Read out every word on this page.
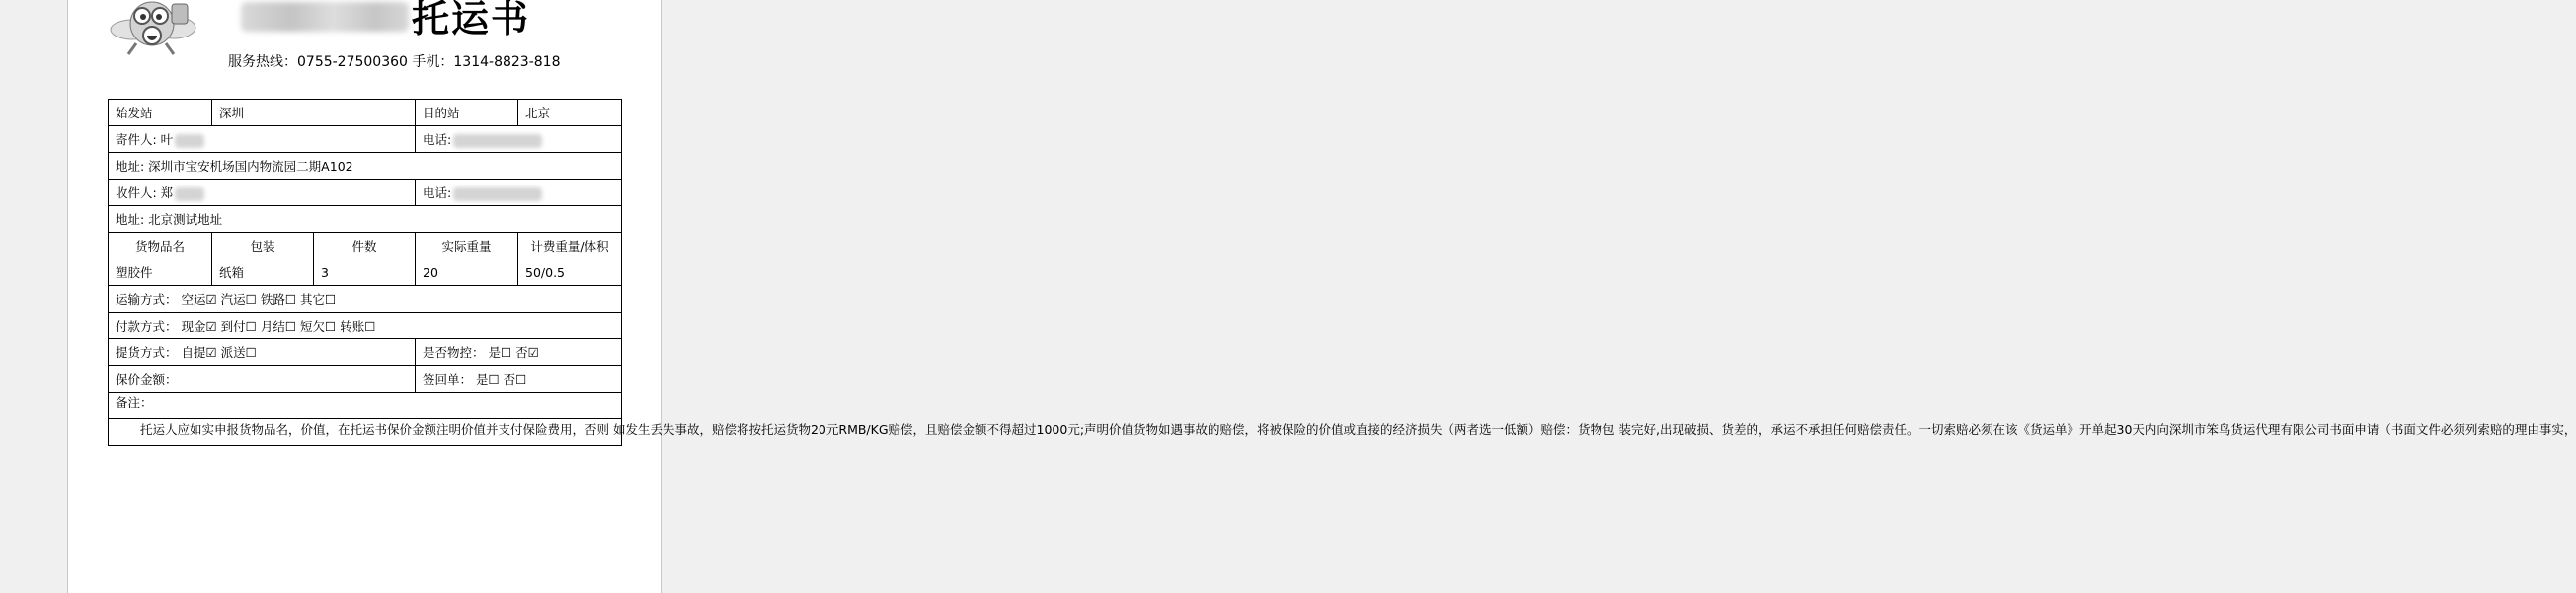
托运书
服务热线：0755-27500360 手机：1314-8823-818
始发站	深圳		目的站	北京
寄件人: 叶			电话:	
地址: 深圳市宝安机场国内物流园二期A102				
收件人: 郑			电话:	
地址: 北京测试地址				
货物品名	包装	件数	实际重量	计费重量/体积
塑胶件	纸箱	3	20	50/0.5
运输方式： 空运☑ 汽运☐ 铁路☐ 其它☐				
付款方式： 现金☑ 到付☐ 月结☐ 短欠☐ 转账☐				
提货方式： 自提☑ 派送☐			是否物控： 是☐ 否☑	
保价金额：			签回单： 是☐ 否☐	
备注：				

托运人应如实申报货物品名，价值，在托运书保价金额注明价值并支付保险费用，否则 如发生丢失事故，赔偿将按托运货物20元RMB/KG赔偿，且赔偿金额不得超过1000元;声明价值货物如遇事故的赔偿，将被保险的价值或直接的经济损失（两者选一低额）赔偿：货物包 装完好,出现破损、货差的，承运不承担任何赔偿责任。一切索赔必须在该《货运单》开单起30天内向深圳市笨鸟货运代理有限公司书面申请（书面文件必须列索赔的理由事实，				
